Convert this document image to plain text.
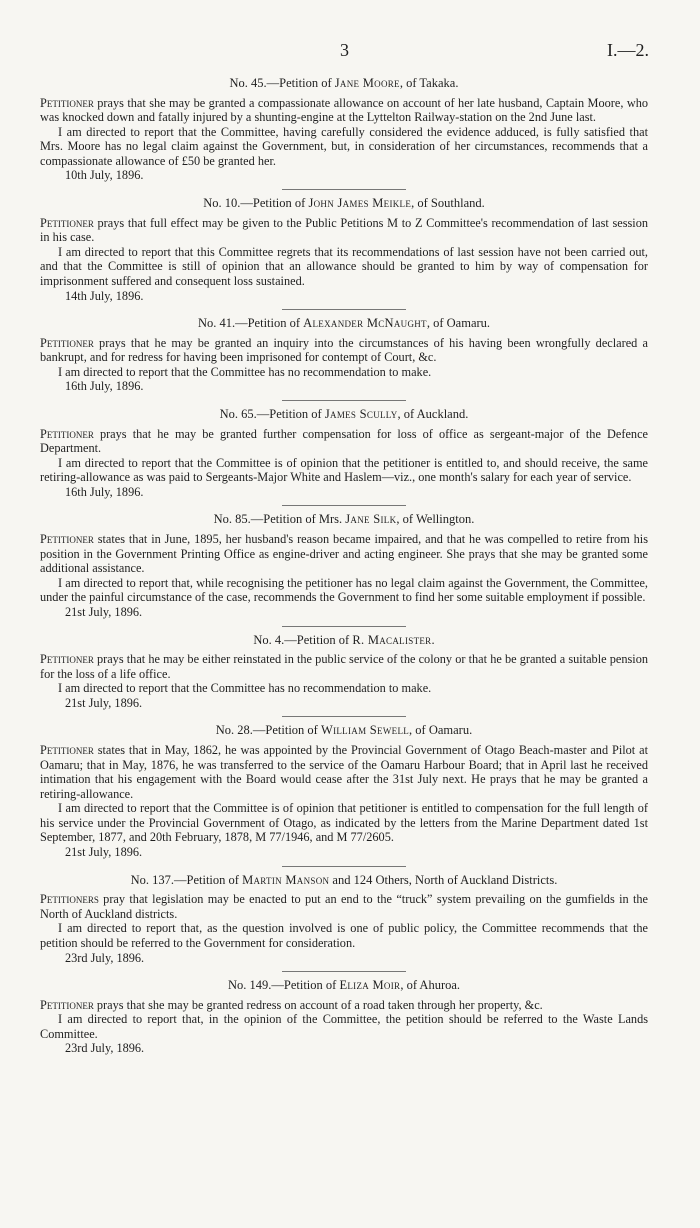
3	I.—2.

No. 45.—Petition of Jane Moore, of Takaka.

Petitioner prays that she may be granted a compassionate allowance on account of her late husband, Captain Moore, who was knocked down and fatally injured by a shunting-engine at the Lyttelton Railway-station on the 2nd June last.

I am directed to report that the Committee, having carefully considered the evidence adduced, is fully satisfied that Mrs. Moore has no legal claim against the Government, but, in consideration of her circumstances, recommends that a compassionate allowance of £50 be granted her.

10th July, 1896.

No. 10.—Petition of John James Meikle, of Southland.

Petitioner prays that full effect may be given to the Public Petitions M to Z Committee's recommendation of last session in his case.

I am directed to report that this Committee regrets that its recommendations of last session have not been carried out, and that the Committee is still of opinion that an allowance should be granted to him by way of compensation for imprisonment suffered and consequent loss sustained.

14th July, 1896.

No. 41.—Petition of Alexander McNaught, of Oamaru.

Petitioner prays that he may be granted an inquiry into the circumstances of his having been wrongfully declared a bankrupt, and for redress for having been imprisoned for contempt of Court, &c.

I am directed to report that the Committee has no recommendation to make.

16th July, 1896.

No. 65.—Petition of James Scully, of Auckland.

Petitioner prays that he may be granted further compensation for loss of office as sergeant-major of the Defence Department.

I am directed to report that the Committee is of opinion that the petitioner is entitled to, and should receive, the same retiring-allowance as was paid to Sergeants-Major White and Haslem—viz., one month's salary for each year of service.

16th July, 1896.

No. 85.—Petition of Mrs. Jane Silk, of Wellington.

Petitioner states that in June, 1895, her husband's reason became impaired, and that he was compelled to retire from his position in the Government Printing Office as engine-driver and acting engineer. She prays that she may be granted some additional assistance.

I am directed to report that, while recognising the petitioner has no legal claim against the Government, the Committee, under the painful circumstance of the case, recommends the Government to find her some suitable employment if possible.

21st July, 1896.

No. 4.—Petition of R. Macalister.

Petitioner prays that he may be either reinstated in the public service of the colony or that he be granted a suitable pension for the loss of a life office.

I am directed to report that the Committee has no recommendation to make.

21st July, 1896.

No. 28.—Petition of William Sewell, of Oamaru.

Petitioner states that in May, 1862, he was appointed by the Provincial Government of Otago Beach-master and Pilot at Oamaru; that in May, 1876, he was transferred to the service of the Oamaru Harbour Board; that in April last he received intimation that his engagement with the Board would cease after the 31st July next. He prays that he may be granted a retiring-allowance.

I am directed to report that the Committee is of opinion that petitioner is entitled to compensation for the full length of his service under the Provincial Government of Otago, as indicated by the letters from the Marine Department dated 1st September, 1877, and 20th February, 1878, M 77/1946, and M 77/2605.

21st July, 1896.

No. 137.—Petition of Martin Manson and 124 Others, North of Auckland Districts.

Petitioners pray that legislation may be enacted to put an end to the “truck” system prevailing on the gumfields in the North of Auckland districts.

I am directed to report that, as the question involved is one of public policy, the Committee recommends that the petition should be referred to the Government for consideration.

23rd July, 1896.

No. 149.—Petition of Eliza Moir, of Ahuroa.

Petitioner prays that she may be granted redress on account of a road taken through her property, &c.

I am directed to report that, in the opinion of the Committee, the petition should be referred to the Waste Lands Committee.

23rd July, 1896.
